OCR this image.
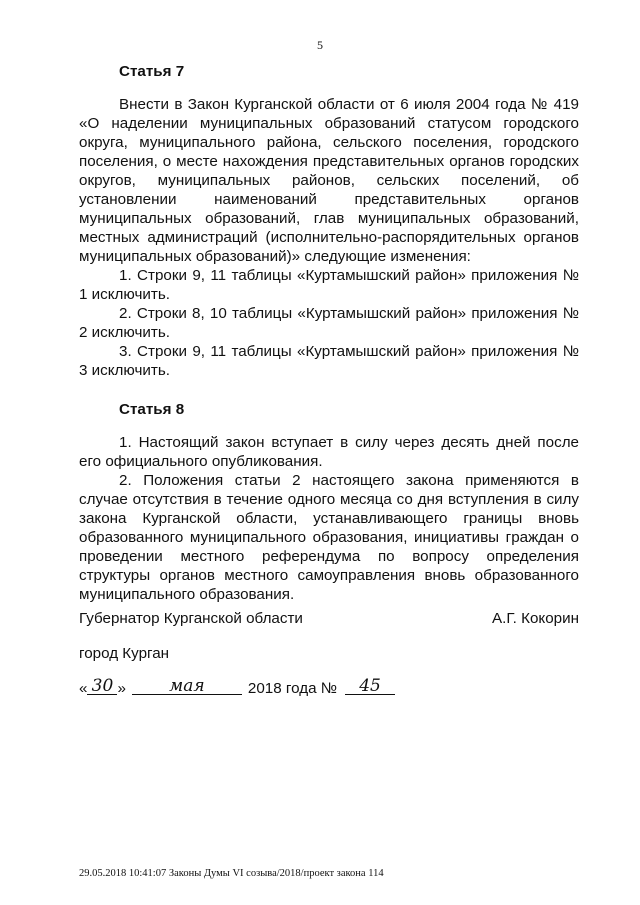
5
Статья 7

Внести в Закон Курганской области от 6 июля 2004 года № 419 «О наделении муниципальных образований статусом городского округа, муниципального района, сельского поселения, городского поселения, о месте нахождения представительных органов городских округов, муниципальных районов, сельских поселений, об установлении наименований представительных органов муниципальных образований, глав муниципальных образований, местных администраций (исполнительно-распорядительных органов муниципальных образований)» следующие изменения:

1. Строки 9, 11 таблицы «Куртамышский район» приложения № 1 исключить.

2. Строки 8, 10 таблицы «Куртамышский район» приложения № 2 исключить.

3. Строки 9, 11 таблицы «Куртамышский район» приложения № 3 исключить.

Статья 8

1. Настоящий закон вступает в силу через десять дней после его официального опубликования.

2. Положения статьи 2 настоящего закона применяются в случае отсутствия в течение одного месяца со дня вступления в силу закона Курганской области, устанавливающего границы вновь образованного муниципального образования, инициативы граждан о проведении местного референдума по вопросу определения структуры органов местного самоуправления вновь образованного муниципального образования.

Губернатор Курганской области	А.Г. Кокорин
город Курган
« 30 »	мая	2018 года №	45
29.05.2018 10:41:07 Законы Думы VI созыва/2018/проект закона 114
